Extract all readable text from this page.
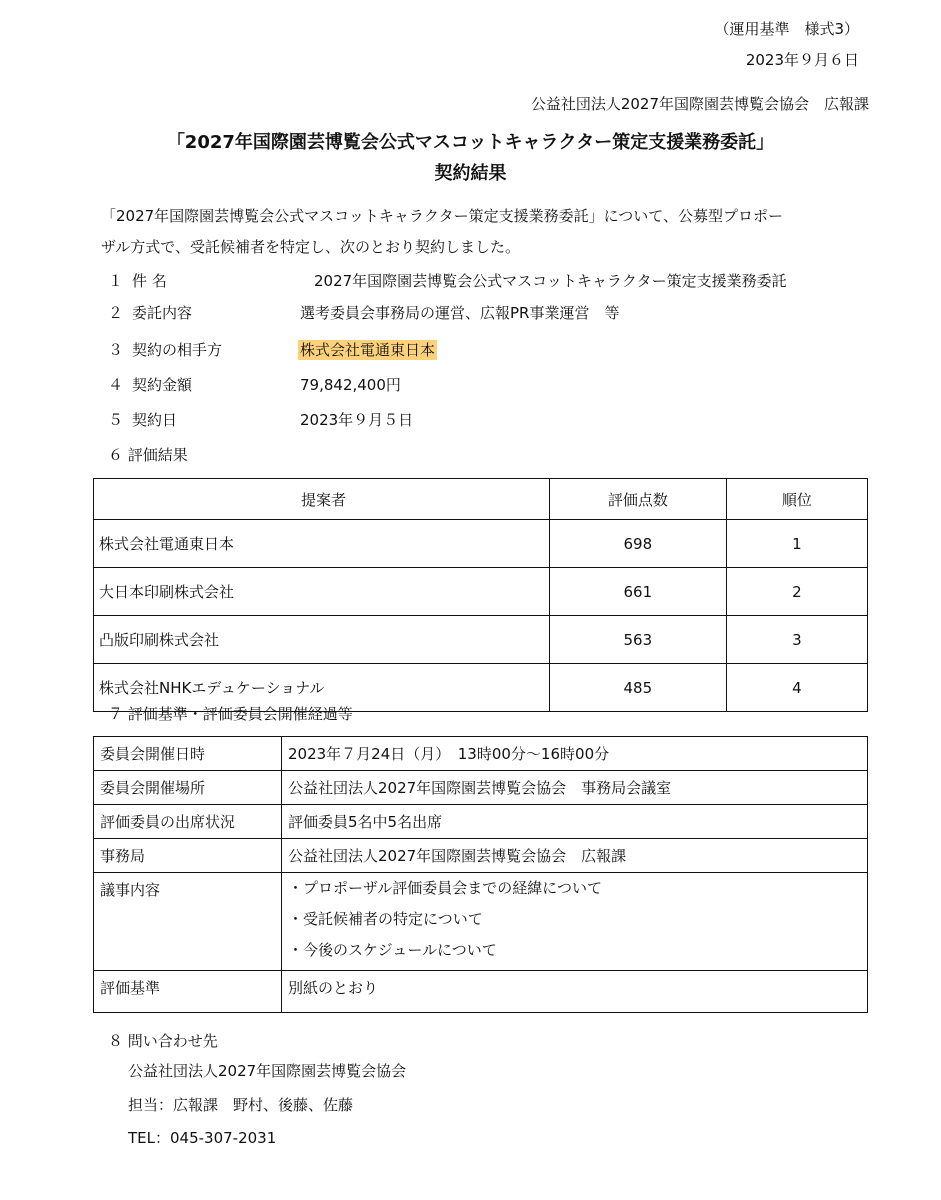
（運用基準　様式3）
2023年９月６日
公益社団法人2027年国際園芸博覧会協会　広報課
「2027年国際園芸博覧会公式マスコットキャラクター策定支援業務委託」
契約結果
「2027年国際園芸博覧会公式マスコットキャラクター策定支援業務委託」について、公募型プロポー
ザル方式で、受託候補者を特定し、次のとおり契約しました。
１ 件 名	2027年国際園芸博覧会公式マスコットキャラクター策定支援業務委託
２ 委託内容	選考委員会事務局の運営、広報PR事業運営　等
３ 契約の相手方	株式会社電通東日本
４ 契約金額	79,842,400円
５ 契約日	2023年９月５日
６ 評価結果
提案者	評価点数	順位
株式会社電通東日本	698	1
大日本印刷株式会社	661	2
凸版印刷株式会社	563	3
株式会社NHKエデュケーショナル	485	4
７ 評価基準・評価委員会開催経過等
委員会開催日時	2023年７月24日（月）　13時00分～16時00分
委員会開催場所	公益社団法人2027年国際園芸博覧会協会　事務局会議室
評価委員の出席状況	評価委員5名中5名出席
事務局	公益社団法人2027年国際園芸博覧会協会　広報課
議事内容	・プロポーザル評価委員会までの経緯について
・受託候補者の特定について
・今後のスケジュールについて

評価基準	別紙のとおり
８ 問い合わせ先
公益社団法人2027年国際園芸博覧会協会
担当：広報課　野村、後藤、佐藤
TEL：045-307-2031
